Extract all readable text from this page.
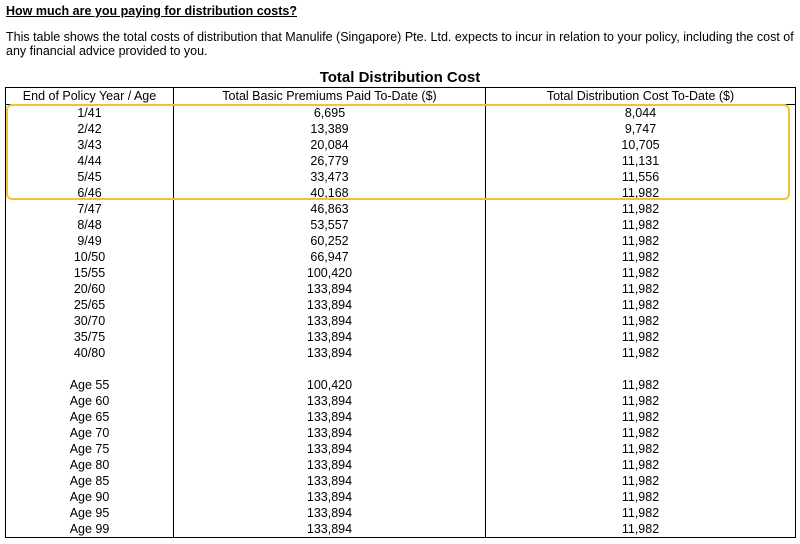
How much are you paying for distribution costs?
This table shows the total costs of distribution that Manulife (Singapore) Pte. Ltd. expects to incur in relation to your policy, including the cost of any financial advice provided to you.
Total Distribution Cost
End of Policy Year / Age	Total Basic Premiums Paid To-Date ($)	Total Distribution Cost To-Date ($)
1/41	6,695	8,044
2/42	13,389	9,747
3/43	20,084	10,705
4/44	26,779	11,131
5/45	33,473	11,556
6/46	40,168	11,982
7/47	46,863	11,982
8/48	53,557	11,982
9/49	60,252	11,982
10/50	66,947	11,982
15/55	100,420	11,982
20/60	133,894	11,982
25/65	133,894	11,982
30/70	133,894	11,982
35/75	133,894	11,982
40/80	133,894	11,982

Age 55	100,420	11,982
Age 60	133,894	11,982
Age 65	133,894	11,982
Age 70	133,894	11,982
Age 75	133,894	11,982
Age 80	133,894	11,982
Age 85	133,894	11,982
Age 90	133,894	11,982
Age 95	133,894	11,982
Age 99	133,894	11,982
